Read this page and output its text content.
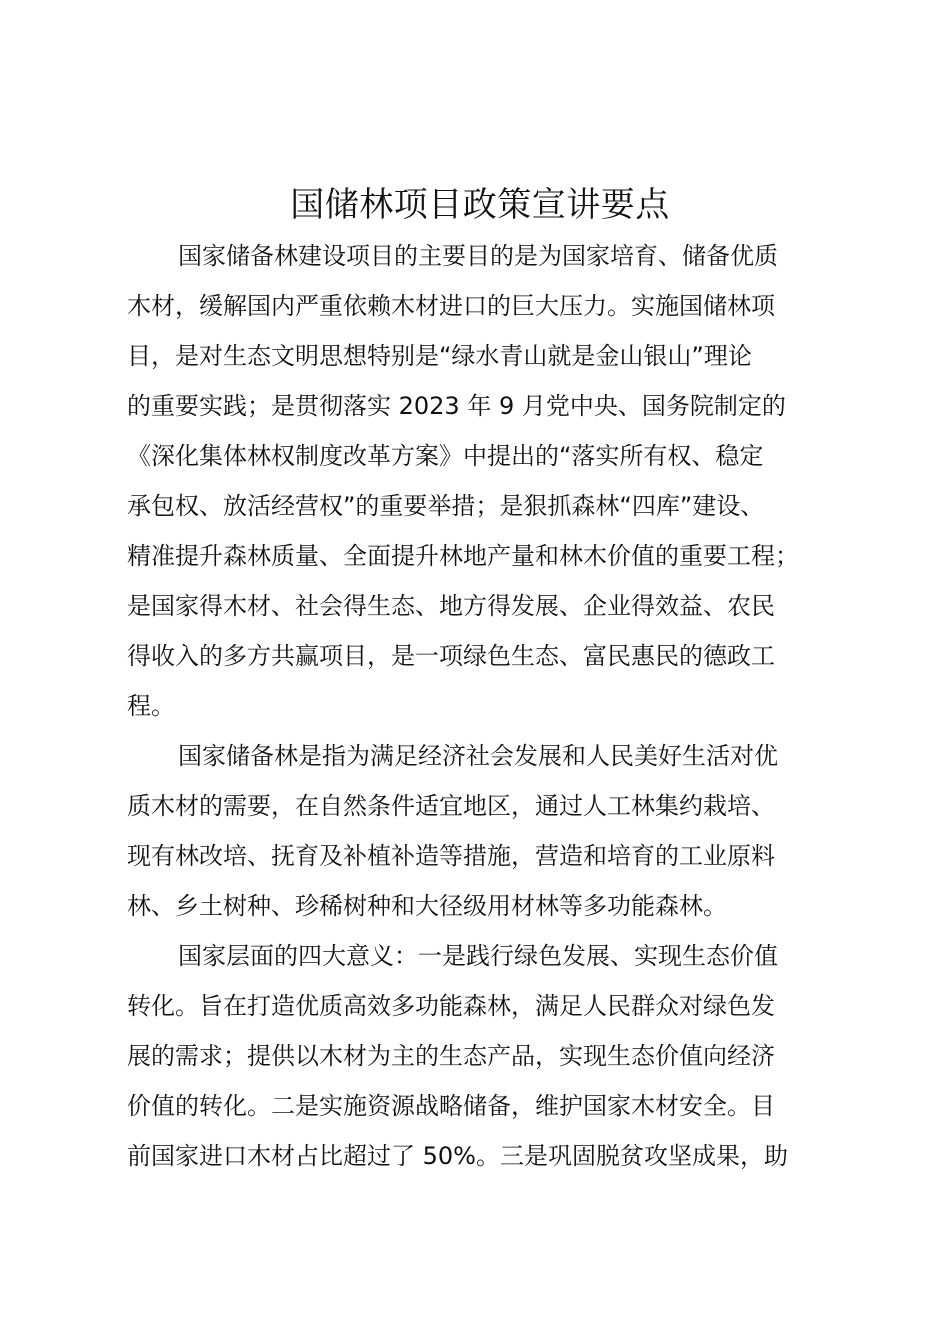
国储林项目政策宣讲要点

国家储备林建设项目的主要目的是为国家培育、储备优质

木材，缓解国内严重依赖木材进口的巨大压力。实施国储林项

目，是对生态文明思想特别是“绿水青山就是金山银山”理论

的重要实践；是贯彻落实 2023 年 9 月党中央、国务院制定的

《深化集体林权制度改革方案》中提出的“落实所有权、稳定

承包权、放活经营权”的重要举措；是狠抓森林“四库”建设、

精准提升森林质量、全面提升林地产量和林木价值的重要工程；

是国家得木材、社会得生态、地方得发展、企业得效益、农民

得收入的多方共赢项目，是一项绿色生态、富民惠民的德政工

程。

国家储备林是指为满足经济社会发展和人民美好生活对优

质木材的需要，在自然条件适宜地区，通过人工林集约栽培、

现有林改培、抚育及补植补造等措施，营造和培育的工业原料

林、乡土树种、珍稀树种和大径级用材林等多功能森林。

国家层面的四大意义：一是践行绿色发展、实现生态价值

转化。旨在打造优质高效多功能森林，满足人民群众对绿色发

展的需求；提供以木材为主的生态产品，实现生态价值向经济

价值的转化。二是实施资源战略储备，维护国家木材安全。目

前国家进口木材占比超过了 50%。三是巩固脱贫攻坚成果，助
